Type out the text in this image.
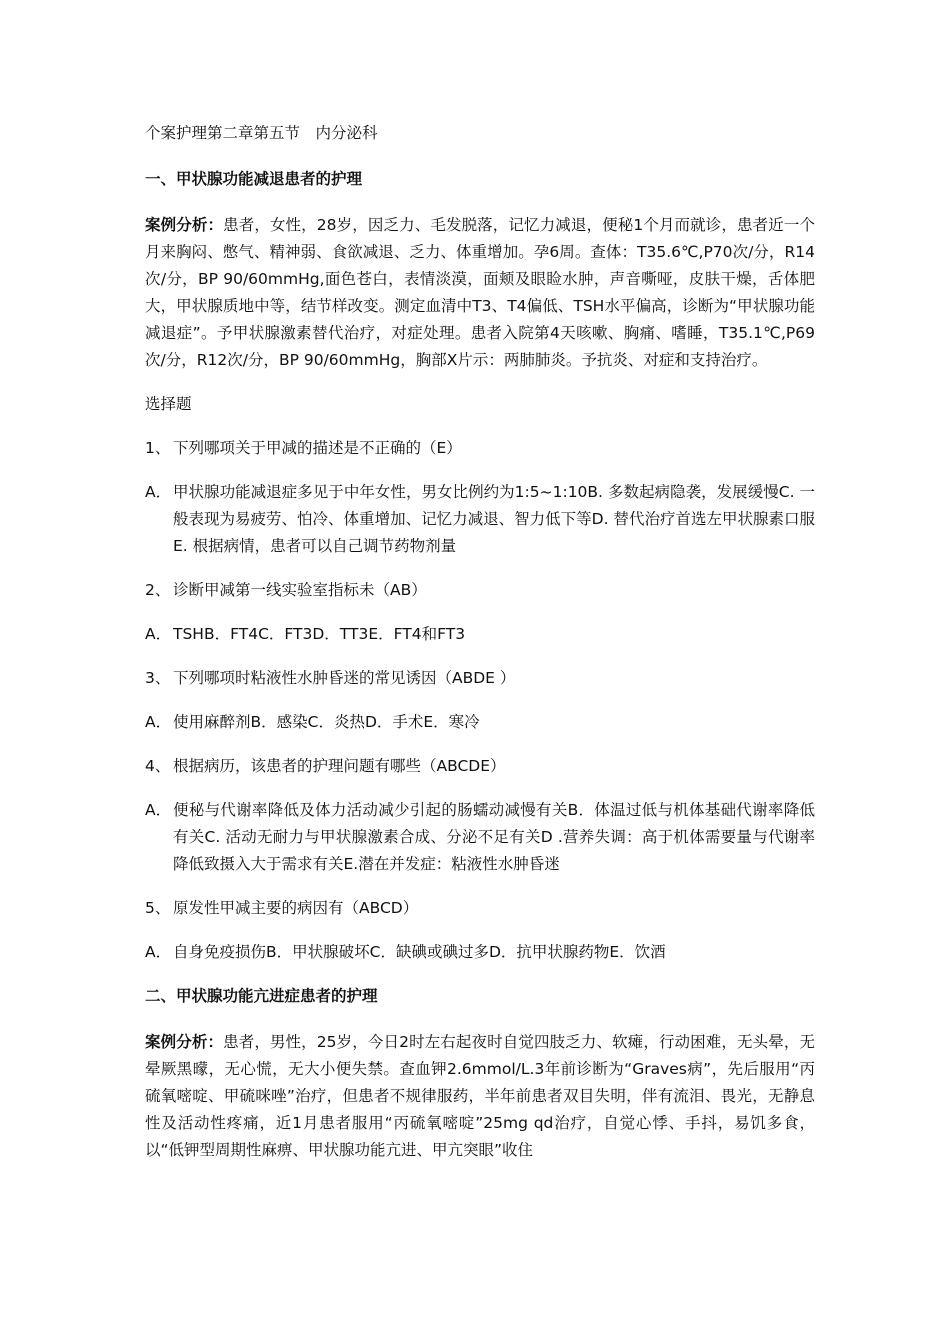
个案护理第二章第五节　内分泌科
一、甲状腺功能减退患者的护理
案例分析：患者，女性，28岁，因乏力、毛发脱落，记忆力减退，便秘1个月而就诊，患者近一个月来胸闷、憋气、精神弱、食欲减退、乏力、体重增加。孕6周。查体：T35.6℃,P70次/分，R14次/分，BP 90/60mmHg,面色苍白，表情淡漠，面颊及眼睑水肿，声音嘶哑，皮肤干燥，舌体肥大，甲状腺质地中等，结节样改变。测定血清中T3、T4偏低、TSH水平偏高，诊断为“甲状腺功能减退症”。予甲状腺激素替代治疗，对症处理。患者入院第4天咳嗽、胸痛、嗜睡，T35.1℃,P69次/分，R12次/分，BP 90/60mmHg，胸部X片示：两肺肺炎。予抗炎、对症和支持治疗。
选择题
1、 下列哪项关于甲减的描述是不正确的（E）
A． 甲状腺功能减退症多见于中年女性，男女比例约为1:5~1:10B. 多数起病隐袭，发展缓慢C. 一般表现为易疲劳、怕冷、体重增加、记忆力减退、智力低下等D. 替代治疗首选左甲状腺素口服E. 根据病情，患者可以自己调节药物剂量
2、 诊断甲减第一线实验室指标未（AB）
A． TSHB．FT4C．FT3D．TT3E．FT4和FT3
3、 下列哪项时粘液性水肿昏迷的常见诱因（ABDE ）
A． 使用麻醉剂B．感染C．炎热D．手术E．寒冷
4、 根据病历，该患者的护理问题有哪些（ABCDE）
A． 便秘与代谢率降低及体力活动减少引起的肠蠕动减慢有关B．体温过低与机体基础代谢率降低有关C. 活动无耐力与甲状腺激素合成、分泌不足有关D .营养失调：高于机体需要量与代谢率降低致摄入大于需求有关E.潜在并发症：粘液性水肿昏迷
5、 原发性甲减主要的病因有（ABCD）
A． 自身免疫损伤B．甲状腺破坏C．缺碘或碘过多D．抗甲状腺药物E．饮酒
二、甲状腺功能亢进症患者的护理
案例分析：患者，男性，25岁，今日2时左右起夜时自觉四肢乏力、软瘫，行动困难，无头晕，无晕厥黑曚，无心慌，无大小便失禁。查血钾2.6mmol/L.3年前诊断为“Graves病”，先后服用“丙硫氧嘧啶、甲硫咪唑”治疗，但患者不规律服药，半年前患者双目失明，伴有流泪、畏光，无静息性及活动性疼痛，近1月患者服用“丙硫氧嘧啶”25mg qd治疗，自觉心悸、手抖，易饥多食，以“低钾型周期性麻痹、甲状腺功能亢进、甲亢突眼”收住
